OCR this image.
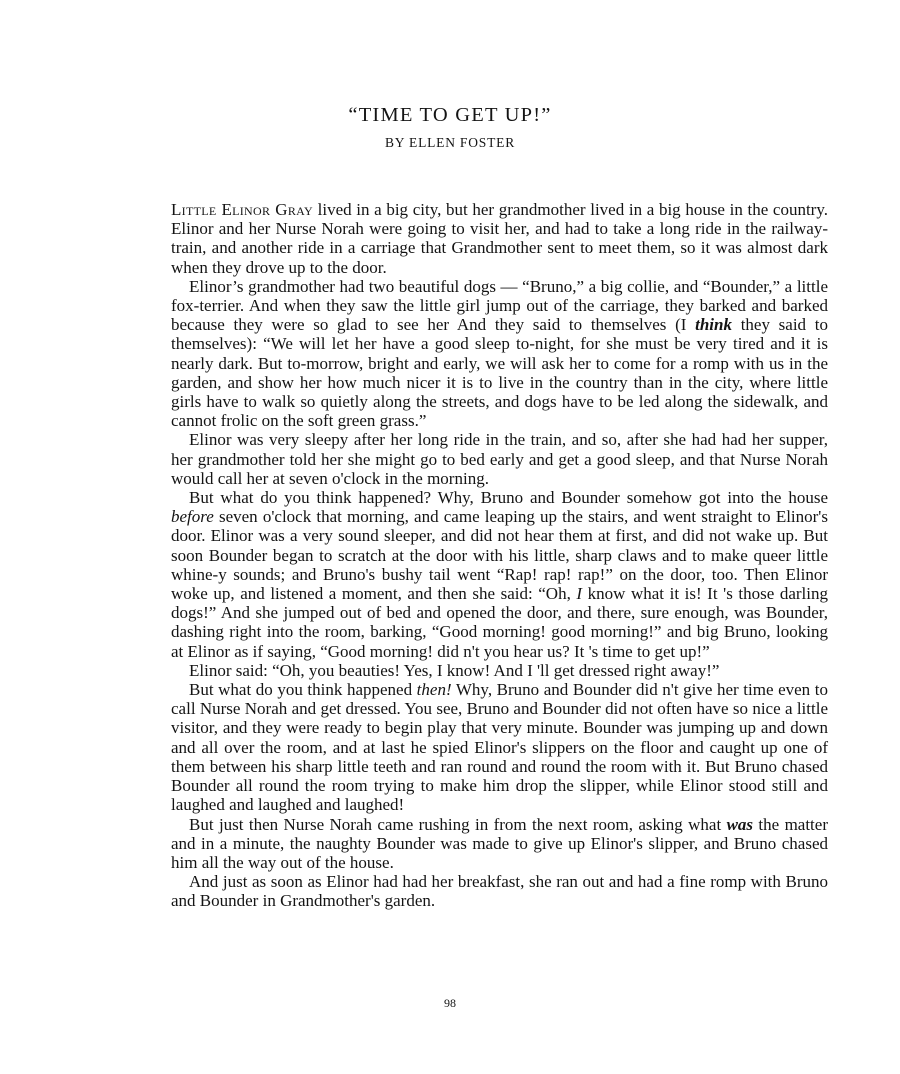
“TIME TO GET UP!”
BY ELLEN FOSTER

Little Elinor Gray lived in a big city, but her grandmother lived in a big house in the country. Elinor and her Nurse Norah were going to visit her, and had to take a long ride in the railway-train, and another ride in a carriage that Grandmother sent to meet them, so it was almost dark when they drove up to the door.

Elinor’s grandmother had two beautiful dogs — “Bruno,” a big collie, and “Bounder,” a little fox-terrier. And when they saw the little girl jump out of the carriage, they barked and barked because they were so glad to see her And they said to themselves (I think they said to themselves): “We will let her have a good sleep to-night, for she must be very tired and it is nearly dark. But to-morrow, bright and early, we will ask her to come for a romp with us in the garden, and show her how much nicer it is to live in the country than in the city, where little girls have to walk so quietly along the streets, and dogs have to be led along the sidewalk, and cannot frolic on the soft green grass.”

Elinor was very sleepy after her long ride in the train, and so, after she had had her supper, her grandmother told her she might go to bed early and get a good sleep, and that Nurse Norah would call her at seven o'clock in the morning.

But what do you think happened? Why, Bruno and Bounder somehow got into the house before seven o'clock that morning, and came leaping up the stairs, and went straight to Elinor's door. Elinor was a very sound sleeper, and did not hear them at first, and did not wake up. But soon Bounder began to scratch at the door with his little, sharp claws and to make queer little whine-y sounds; and Bruno's bushy tail went “Rap! rap! rap!” on the door, too. Then Elinor woke up, and listened a moment, and then she said: “Oh, I know what it is! It 's those darling dogs!” And she jumped out of bed and opened the door, and there, sure enough, was Bounder, dashing right into the room, barking, “Good morning! good morning!” and big Bruno, looking at Elinor as if saying, “Good morning! did n't you hear us? It 's time to get up!”

Elinor said: “Oh, you beauties! Yes, I know! And I 'll get dressed right away!”

But what do you think happened then! Why, Bruno and Bounder did n't give her time even to call Nurse Norah and get dressed. You see, Bruno and Bounder did not often have so nice a little visitor, and they were ready to begin play that very minute. Bounder was jumping up and down and all over the room, and at last he spied Elinor's slippers on the floor and caught up one of them between his sharp little teeth and ran round and round the room with it. But Bruno chased Bounder all round the room trying to make him drop the slipper, while Elinor stood still and laughed and laughed and laughed!

But just then Nurse Norah came rushing in from the next room, asking what was the matter and in a minute, the naughty Bounder was made to give up Elinor's slipper, and Bruno chased him all the way out of the house.

And just as soon as Elinor had had her breakfast, she ran out and had a fine romp with Bruno and Bounder in Grandmother's garden.

98
